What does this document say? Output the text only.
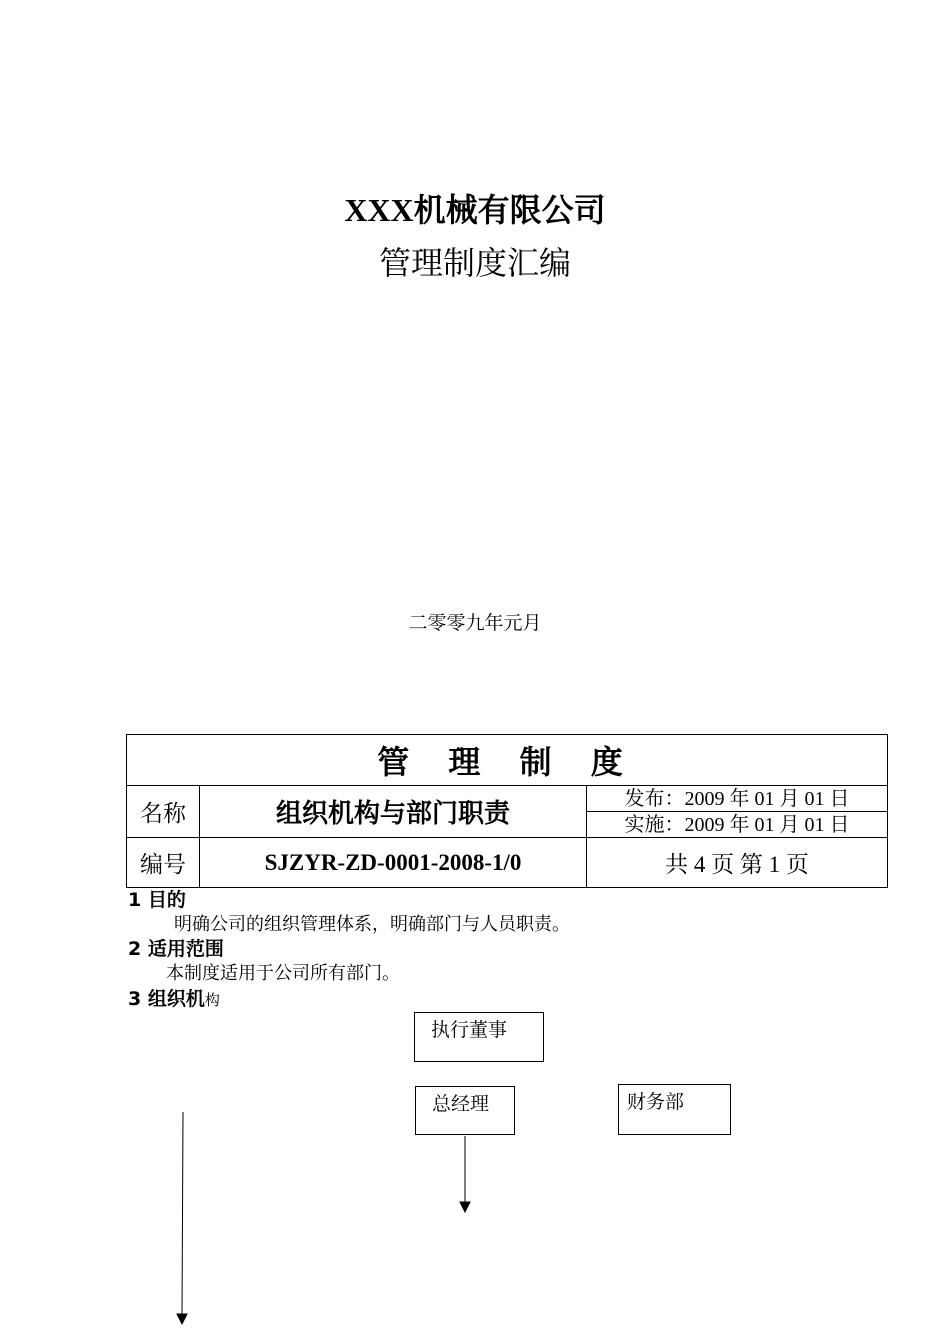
XXX机械有限公司
管理制度汇编
二零零九年元月
管 理 制 度		
名称	组织机构与部门职责	发布：2009 年 01 月 01 日
		实施：2009 年 01 月 01 日
编号	SJZYR-ZD-0001-2008-1/0	共 4 页 第 1 页
1 目的
明确公司的组织管理体系，明确部门与人员职责。
2 适用范围
本制度适用于公司所有部门。
3 组织机构
执行董事
总经理	财务部
